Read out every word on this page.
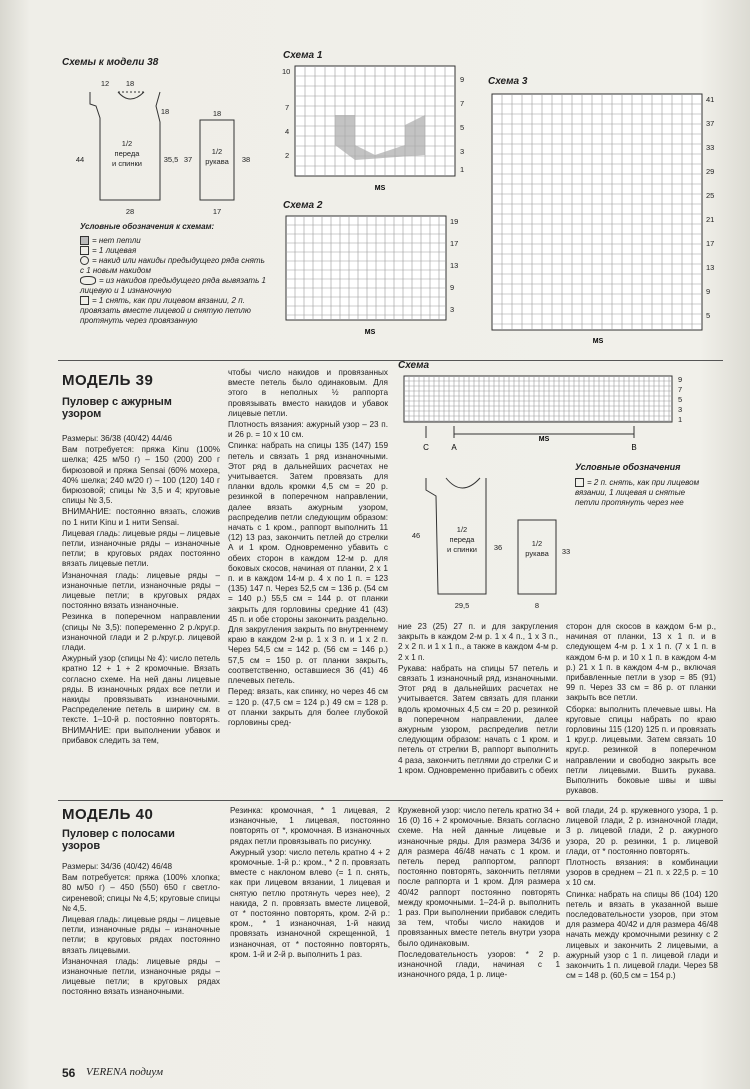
Схемы к модели 38
1/2
переда
и спинки
1/2
рукава
12 18
44	35,5 37	38
28	17
18	18
Условные обозначения к схемам:
= нет петли
= 1 лицевая
= накид или накиды предыдущего ряда снять с 1 новым накидом
= из накидов предыдущего ряда вывязать 1 лицевую и 1 изнаночную
= 1 снять, как при лицевом вязании, 2 п. провязать вместе лицевой и снятую петлю протянуть через провязанную
Схема 1
10
7
4
2
9
7
5
3
1
MS
Схема 2
19
17
13
9
3
MS
Схема 3
41
37
33
29
25
21
17
13
9
5
MS
МОДЕЛЬ 39
Пуловер с ажурным узором

Размеры: 36/38 (40/42) 44/46

Вам потребуется: пряжа Kinu (100% шелка; 425 м/50 г) – 150 (200) 200 г бирюзовой и пряжа Sensai (60% мохера, 40% шелка; 240 м/20 г) – 100 (120) 140 г бирюзовой; спицы № 3,5 и 4; круговые спицы № 3,5.

ВНИМАНИЕ: постоянно вязать, сложив по 1 нити Kinu и 1 нити Sensai.

Лицевая гладь: лицевые ряды – лицевые петли, изнаночные ряды – изнаночные петли; в круговых рядах постоянно вязать лицевые петли.

Изнаночная гладь: лицевые ряды – изнаночные петли, изнаночные ряды – лицевые петли; в круговых рядах постоянно вязать изнаночные.

Резинка в поперечном направлении (спицы № 3,5): попеременно 2 р./круг.р. изнаночной глади и 2 р./круг.р. лицевой глади.

Ажурный узор (спицы № 4): число петель кратно 12 + 1 + 2 кромочные. Вязать согласно схеме. На ней даны лицевые ряды. В изнаночных рядах все петли и накиды провязывать изнаночными. Раcпределение петель в ширину см. в тексте. 1–10-й р. постоянно повторять. ВНИМАНИЕ: при выполнении убавок и прибавок следить за тем,

чтобы число накидов и провязанных вместе петель было одинаковым. Для этого в неполных ½ раппорта провязывать вместо накидов и убавок лицевые петли.

Плотность вязания: ажурный узор – 23 п. и 26 р. = 10 х 10 см.

Спинка: набрать на спицы 135 (147) 159 петель и связать 1 ряд изнаночными. Этот ряд в дальнейших расчетах не учитывается. Затем провязать для планки вдоль кромки 4,5 см = 20 р. резинкой в поперечном направлении, далее вязать ажурным узором, распределив петли следующим образом: начать с 1 кром., раппорт выполнить 11 (12) 13 раз, закончить петлей до стрелки А и 1 кром. Одновременно убавить с обеих сторон в каждом 12-м р. для боковых скосов, начиная от планки, 2 х 1 п. и в каждом 14-м р. 4 х по 1 п. = 123 (135) 147 п. Через 52,5 см = 136 р. (54 см = 140 р.) 55,5 см = 144 р. от планки закрыть для горловины средние 41 (43) 45 п. и обе стороны закончить раздельно. Для закругления закрыть по внутреннему краю в каждом 2-м р. 1 х 3 п. и 1 х 2 п. Через 54,5 см = 142 р. (56 см = 146 р.) 57,5 см = 150 р. от планки закрыть, соответственно, оставшиеся 36 (41) 46 плечевых петель.

Перед: вязать, как спинку, но через 46 см = 120 р. (47,5 см = 124 р.) 49 см = 128 р. от планки закрыть для более глубокой горловины сред-

Схема
9
7
5
3
1
MS
C	A	B
1/2
переда
и спинки
1/2
рукава
46
36	33
29,5	8
Условные обозначения
= 2 п. снять, как при лицевом вязании, 1 лицевая и снятые петли протянуть через нее

ние 23 (25) 27 п. и для закругления закрыть в каждом 2-м р. 1 х 4 п., 1 х 3 п., 2 х 2 п. и 1 х 1 п., а также в каждом 4-м р. 2 х 1 п.

Рукава: набрать на спицы 57 петель и связать 1 изнаночный ряд, изнаночными. Этот ряд в дальнейших расчетах не учитывается. Затем связать для планки вдоль кромочных 4,5 см = 20 р. резинкой в поперечном направлении, далее ажурным узором, распределив петли следующим образом: начать с 1 кром. и петель от стрелки В, раппорт выполнить 4 раза, закончить петлями до стрелки С и 1 кром. Одновременно прибавить с обеих

сторон для скосов в каждом 6-м р., начиная от планки, 13 х 1 п. и в следующем 4-м р. 1 х 1 п. (7 х 1 п. в каждом 6-м р. и 10 х 1 п. в каждом 4-м р.) 21 х 1 п. в каждом 4-м р., включая прибавленные петли в узор = 85 (91) 99 п. Через 33 см = 86 р. от планки закрыть все петли.

Сборка: выполнить плечевые швы. На круговые спицы набрать по краю горловины 115 (120) 125 п. и провязать 1 круг.р. лицевыми. Затем связать 10 круг.р. резинкой в поперечном направлении и свободно закрыть все петли лицевыми. Вшить рукава. Выполнить боковые швы и швы рукавов.

МОДЕЛЬ 40
Пуловер с полосами узоров

Размеры: 34/36 (40/42) 46/48

Вам потребуется: пряжа (100% хлопка; 80 м/50 г) – 450 (550) 650 г светло-сиреневой; спицы № 4,5; круговые спицы № 4,5.

Лицевая гладь: лицевые ряды – лицевые петли, изнаночные ряды – изнаночные петли; в круговых рядах постоянно вязать лицевыми.

Изнаночная гладь: лицевые ряды – изнаночные петли, изнаночные ряды – лицевые петли; в круговых рядах постоянно вязать изнаночными.

Резинка: кромочная, * 1 лицевая, 2 изнаночные, 1 лицевая, постоянно повторять от *, кромочная. В изнаночных рядах петли провязывать по рисунку.

Ажурный узор: число петель кратно 4 + 2 кромочные. 1-й р.: кром., * 2 п. провязать вместе с наклоном влево (= 1 п. снять, как при лицевом вязании, 1 лицевая и снятую петлю протянуть через нее), 2 накида, 2 п. провязать вместе лицевой, от * постоянно повторять, кром. 2-й р.: кром., * 1 изнаночная, 1-й накид провязать изнаночной скрещенной, 1 изнаночная, от * постоянно повторять, кром. 1-й и 2-й р. выполнить 1 раз.

Кружевной узор: число петель кратно 34 + 16 (0) 16 + 2 кромочные. Вязать согласно схеме. На ней данные лицевые и изнаночные ряды. Для размера 34/36 и для размера 46/48 начать с 1 кром. и петель перед раппортом, раппорт постоянно повторять, закончить петлями после раппорта и 1 кром. Для размера 40/42 раппорт постоянно повторять между кромочными. 1–24-й р. выполнить 1 раз. При выполнении прибавок следить за тем, чтобы число накидов и провязанных вместе петель внутри узора было одинаковым.

Последовательность узоров: * 2 р. изнаночной глади, начиная с 1 изнаночного ряда, 1 р. лице-

вой глади, 24 р. кружевного узора, 1 р. лицевой глади, 2 р. изнаночной глади, 3 р. лицевой глади, 2 р. ажурного узора, 20 р. резинки, 1 р. лицевой глади, от * постоянно повторять.

Плотность вязания: в комбинации узоров в среднем – 21 п. х 22,5 р. = 10 х 10 см.

Спинка: набрать на спицы 86 (104) 120 петель и вязать в указанной выше последовательности узоров, при этом для размера 40/42 и для размера 46/48 начать между кромочными резинку с 2 лицевых и закончить 2 лицевыми, а ажурный узор с 1 п. лицевой глади и закончить 1 п. лицевой глади. Через 58 см = 148 р. (60,5 см = 154 р.)

56 VERENA подиум
